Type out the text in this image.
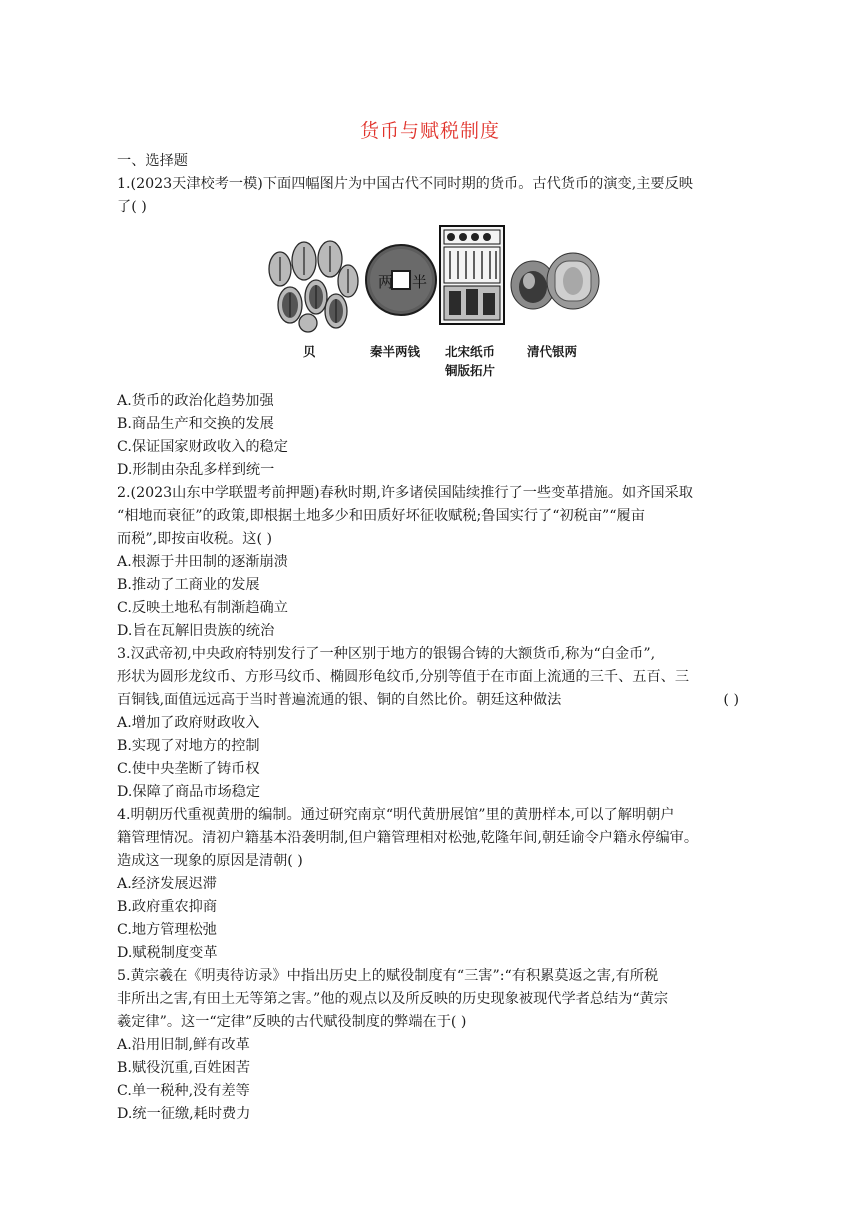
货币与赋税制度

一、选择题

1.(2023天津校考一模)下面四幅图片为中国古代不同时期的货币。古代货币的演变,主要反映

了( )

两 半
贝	秦半两钱 北宋纸币
铜版拓片
清代银两

A.货币的政治化趋势加强

B.商品生产和交换的发展

C.保证国家财政收入的稳定

D.形制由杂乱多样到统一

2.(2023山东中学联盟考前押题)春秋时期,许多诸侯国陆续推行了一些变革措施。如齐国采取

“相地而衰征”的政策,即根据土地多少和田质好坏征收赋税;鲁国实行了“初税亩”“履亩

而税”,即按亩收税。这( )

A.根源于井田制的逐渐崩溃

B.推动了工商业的发展

C.反映土地私有制渐趋确立

D.旨在瓦解旧贵族的统治

3.汉武帝初,中央政府特别发行了一种区别于地方的银锡合铸的大额货币,称为“白金币”,

形状为圆形龙纹币、方形马纹币、椭圆形龟纹币,分别等值于在市面上流通的三千、五百、三

百铜钱,面值远远高于当时普遍流通的银、铜的自然比价。朝廷这种做法	( )

A.增加了政府财政收入

B.实现了对地方的控制

C.使中央垄断了铸币权

D.保障了商品市场稳定

4.明朝历代重视黄册的编制。通过研究南京“明代黄册展馆”里的黄册样本,可以了解明朝户

籍管理情况。清初户籍基本沿袭明制,但户籍管理相对松弛,乾隆年间,朝廷谕令户籍永停编审。

造成这一现象的原因是清朝( )

A.经济发展迟滞

B.政府重农抑商

C.地方管理松弛

D.赋税制度变革

5.黄宗羲在《明夷待访录》中指出历史上的赋役制度有“三害”:“有积累莫返之害,有所税

非所出之害,有田土无等第之害。”他的观点以及所反映的历史现象被现代学者总结为“黄宗

羲定律”。这一“定律”反映的古代赋役制度的弊端在于( )

A.沿用旧制,鲜有改革

B.赋役沉重,百姓困苦

C.单一税种,没有差等

D.统一征缴,耗时费力
